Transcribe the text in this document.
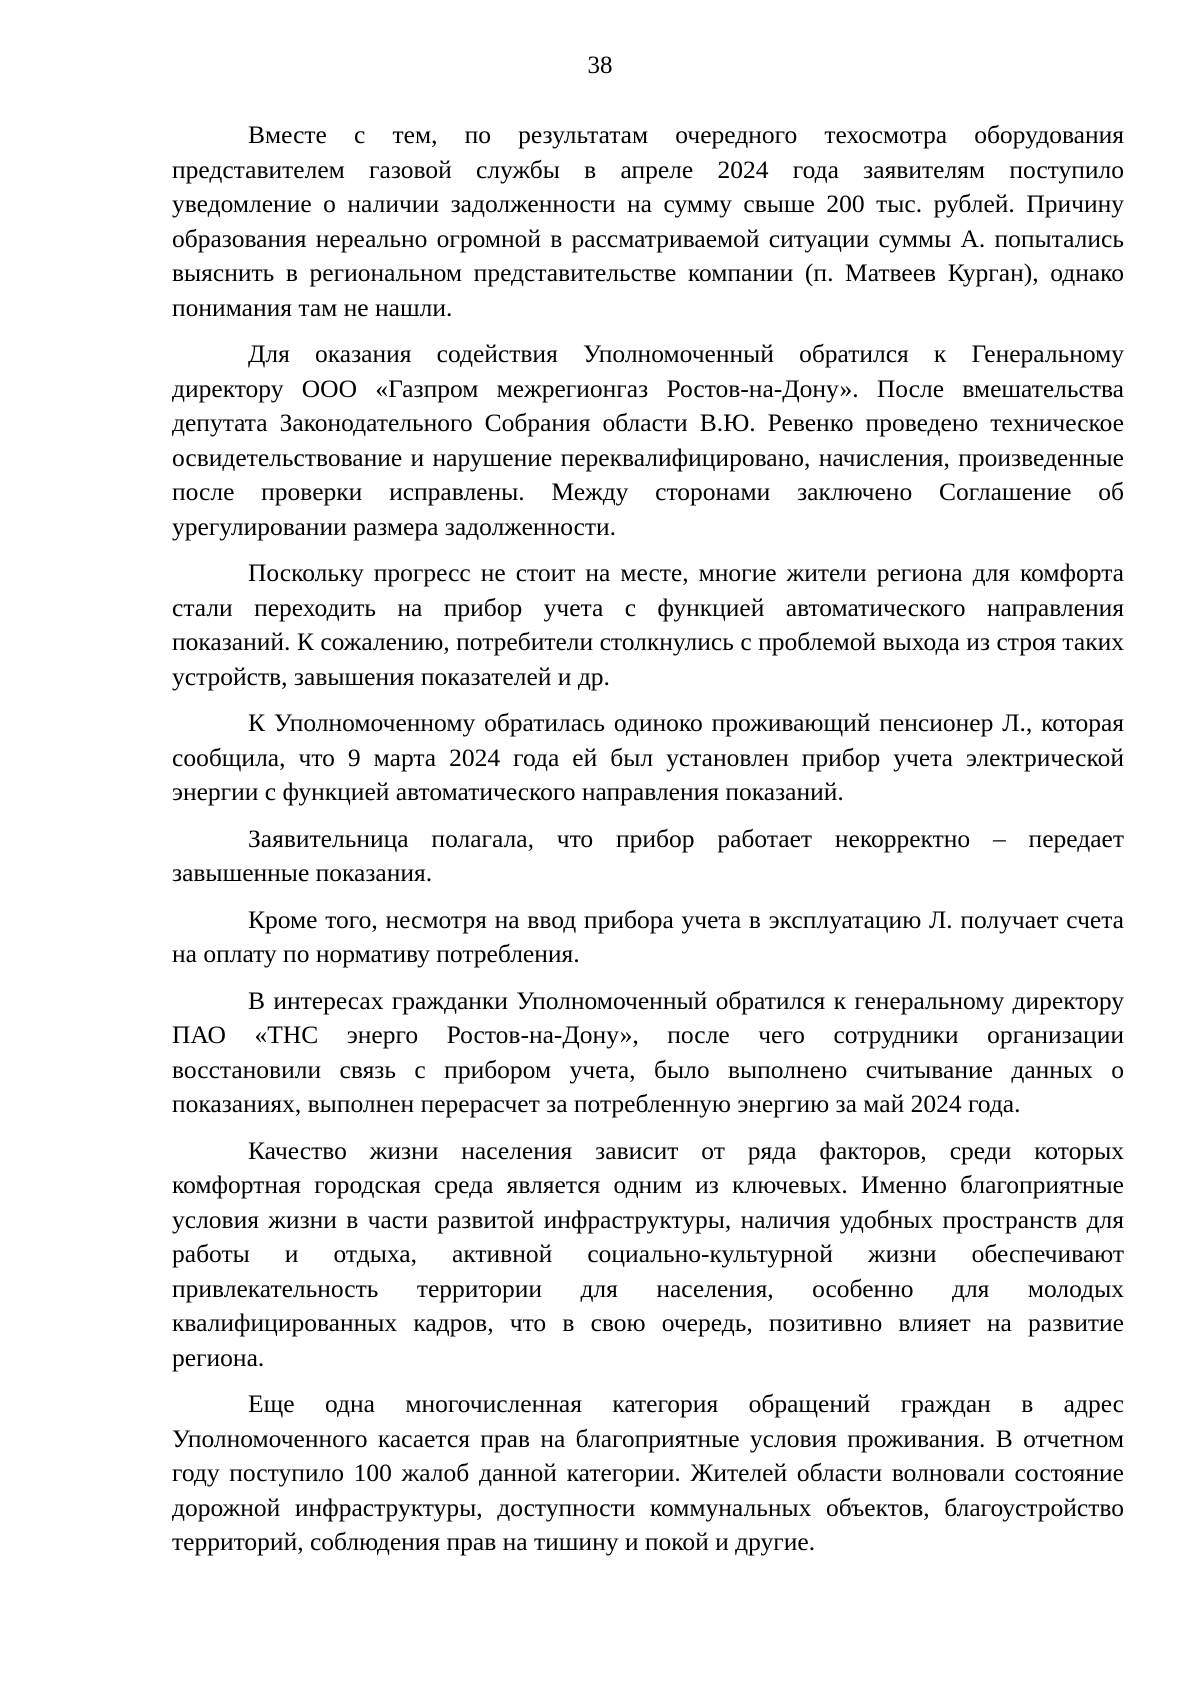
38

Вместе с тем, по результатам очередного техосмотра оборудования представителем газовой службы в апреле 2024 года заявителям поступило уведомление о наличии задолженности на сумму свыше 200 тыс. рублей. Причину образования нереально огромной в рассматриваемой ситуации суммы А. попытались выяснить в региональном представительстве компании (п. Матвеев Курган), однако понимания там не нашли.

Для оказания содействия Уполномоченный обратился к Генеральному директору ООО «Газпром межрегионгаз Ростов-на-Дону». После вмешательства депутата Законодательного Собрания области В.Ю. Ревенко проведено техническое освидетельствование и нарушение переквалифицировано, начисления, произведенные после проверки исправлены. Между сторонами заключено Соглашение об урегулировании размера задолженности.

Поскольку прогресс не стоит на месте, многие жители региона для комфорта стали переходить на прибор учета с функцией автоматического направления показаний. К сожалению, потребители столкнулись с проблемой выхода из строя таких устройств, завышения показателей и др.

К Уполномоченному обратилась одиноко проживающий пенсионер Л., которая сообщила, что 9 марта 2024 года ей был установлен прибор учета электрической энергии с функцией автоматического направления показаний.

Заявительница полагала, что прибор работает некорректно – передает завышенные показания.

Кроме того, несмотря на ввод прибора учета в эксплуатацию Л. получает счета на оплату по нормативу потребления.

В интересах гражданки Уполномоченный обратился к генеральному директору ПАО «ТНС энерго Ростов-на-Дону», после чего сотрудники организации восстановили связь с прибором учета, было выполнено считывание данных о показаниях, выполнен перерасчет за потребленную энергию за май 2024 года.

Качество жизни населения зависит от ряда факторов, среди которых комфортная городская среда является одним из ключевых. Именно благоприятные условия жизни в части развитой инфраструктуры, наличия удобных пространств для работы и отдыха, активной социально-культурной жизни обеспечивают привлекательность территории для населения, особенно для молодых квалифицированных кадров, что в свою очередь, позитивно влияет на развитие региона.

Еще одна многочисленная категория обращений граждан в адрес Уполномоченного касается прав на благоприятные условия проживания. В отчетном году поступило 100 жалоб данной категории. Жителей области волновали состояние дорожной инфраструктуры, доступности коммунальных объектов, благоустройство территорий, соблюдения прав на тишину и покой и другие.
